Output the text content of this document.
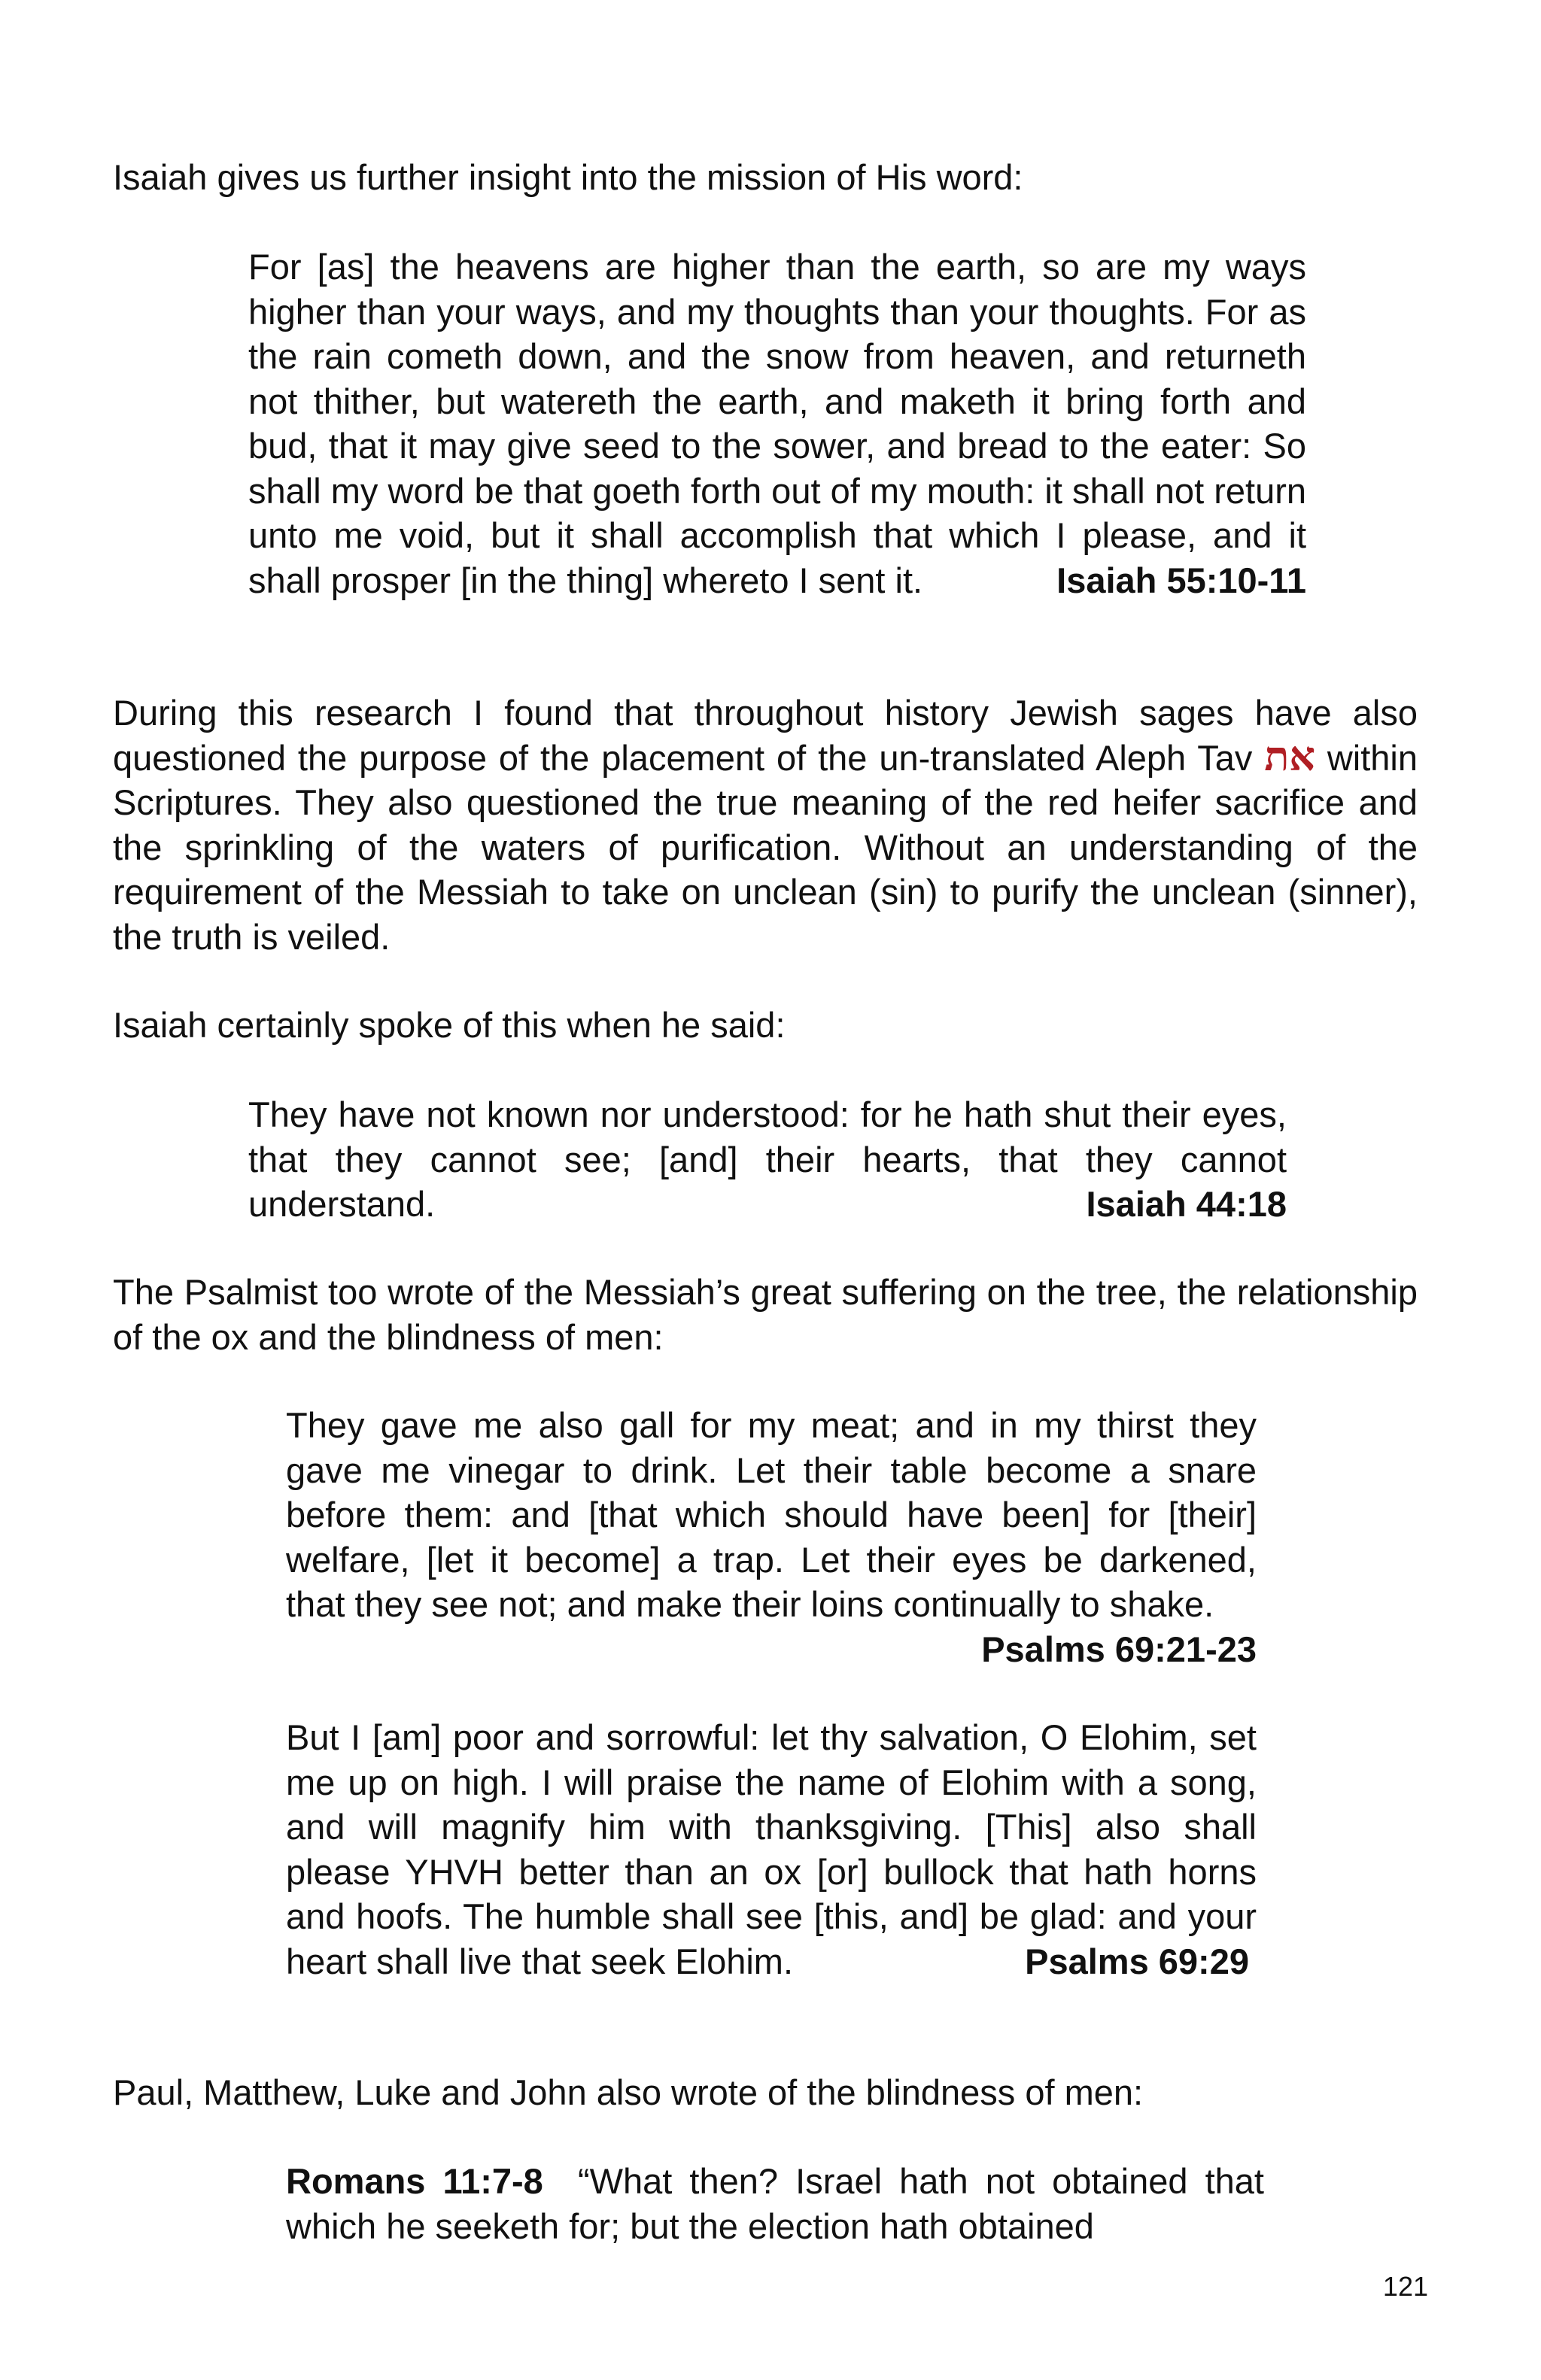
Isaiah gives us further insight into the mission of His word:

For [as] the heavens are higher than the earth, so are my ways higher than your ways, and my thoughts than your thoughts. For as the rain cometh down, and the snow from heaven, and returneth not thither, but watereth the earth, and maketh it bring forth and bud, that it may give seed to the sower, and bread to the eater: So shall my word be that goeth forth out of my mouth: it shall not return unto me void, but it shall accomplish that which I please, and it shall prosper [in the thing] whereto I sent it.	Isaiah 55:10-11

During this research I found that throughout history Jewish sages have also questioned the purpose of the placement of the un-translated Aleph Tav את within Scriptures. They also questioned the true meaning of the red heifer sacrifice and the sprinkling of the waters of purification. Without an understanding of the requirement of the Messiah to take on unclean (sin) to purify the unclean (sinner), the truth is veiled.

Isaiah certainly spoke of this when he said:

They have not known nor understood: for he hath shut their eyes, that they cannot see; [and] their hearts, that they cannot understand.	Isaiah 44:18

The Psalmist too wrote of the Messiah’s great suffering on the tree, the relationship of the ox and the blindness of men:

They gave me also gall for my meat; and in my thirst they gave me vinegar to drink. Let their table become a snare before them: and [that which should have been] for [their] welfare, [let it become] a trap. Let their eyes be darkened, that they see not; and make their loins continually to shake.
Psalms 69:21-23
But I [am] poor and sorrowful: let thy salvation, O Elohim, set me up on high. I will praise the name of Elohim with a song, and will magnify him with thanksgiving. [This] also shall please YHVH better than an ox [or] bullock that hath horns and hoofs. The humble shall see [this, and] be glad: and your heart shall live that seek Elohim.	Psalms 69:29

Paul, Matthew, Luke and John also wrote of the blindness of men:

Romans 11:7-8 “What then? Israel hath not obtained that which he seeketh for; but the election hath obtained
121
